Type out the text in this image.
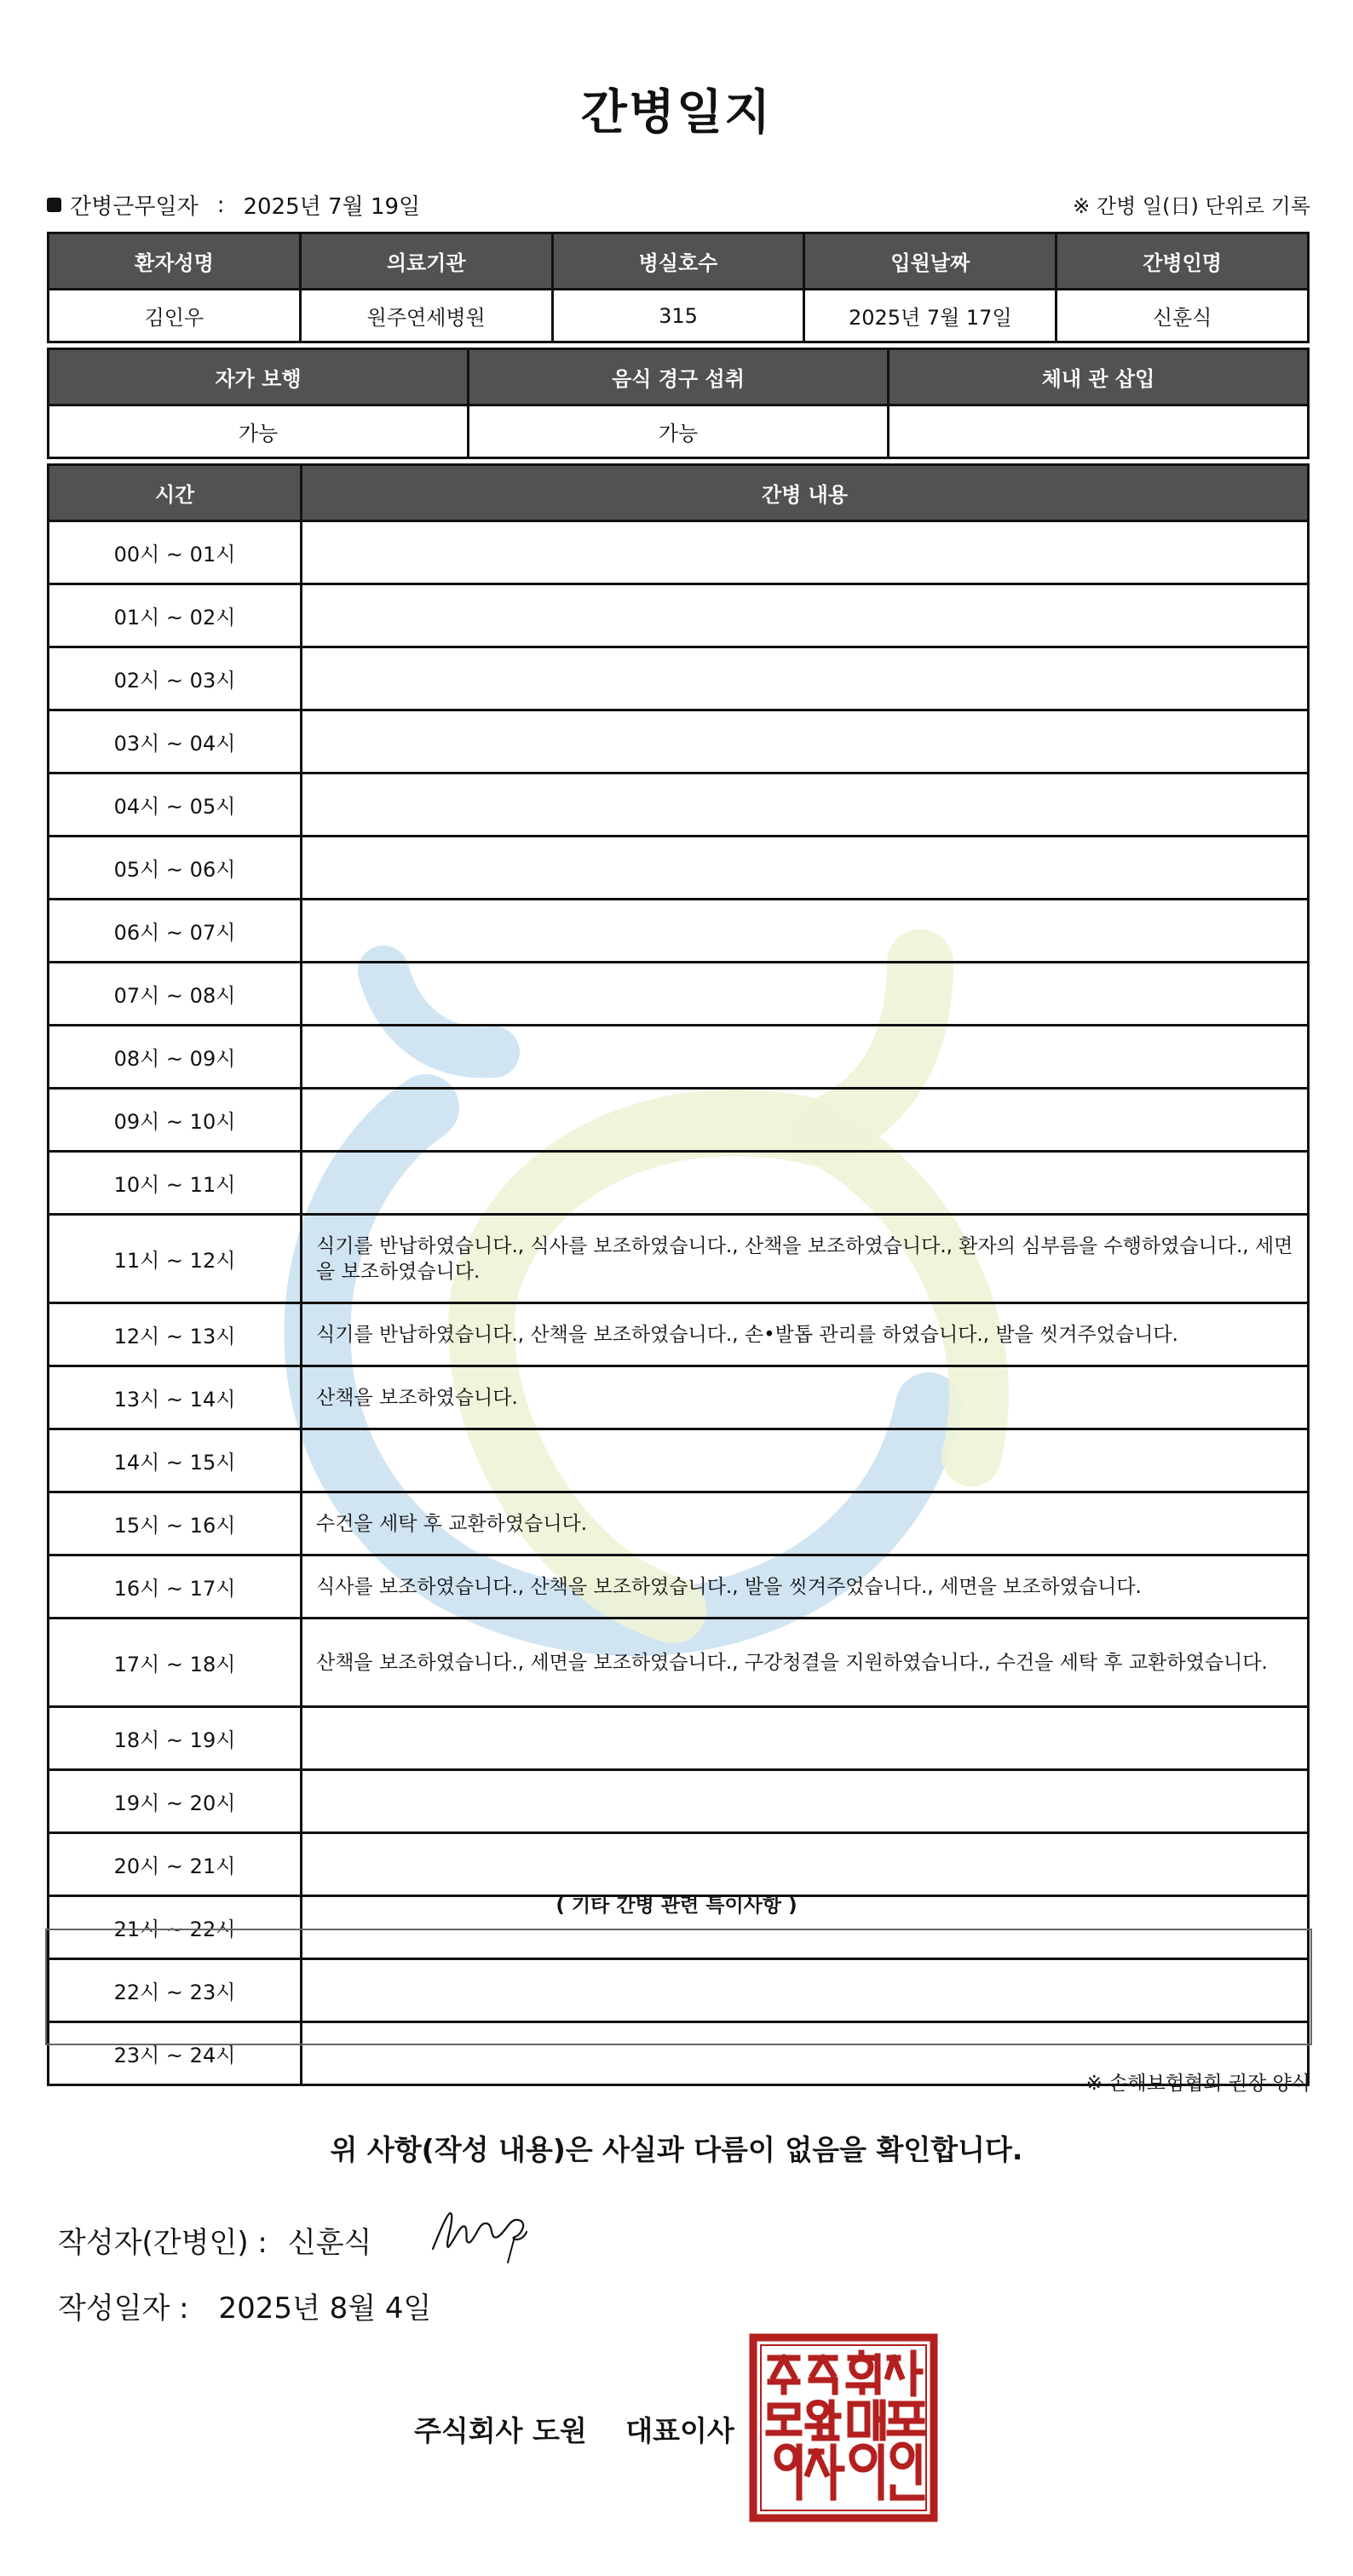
간병일지
간병근무일자 : 2025년 7월 19일	※ 간병 일(日) 단위로 기록
환자성명	의료기관	병실호수	입원날짜	간병인명
김인우	원주연세병원	315	2025년 7월 17일	신훈식
자가 보행	음식 경구 섭취	체내 관 삽입
가능	가능	
시간	간병 내용
00시 ~ 01시	
01시 ~ 02시	
02시 ~ 03시	
03시 ~ 04시	
04시 ~ 05시	
05시 ~ 06시	
06시 ~ 07시	
07시 ~ 08시	
08시 ~ 09시	
09시 ~ 10시	
10시 ~ 11시	
11시 ~ 12시	식기를 반납하였습니다., 식사를 보조하였습니다., 산책을 보조하였습니다., 환자의 심부름을 수행하였습니다., 세면을 보조하였습니다.
12시 ~ 13시	식기를 반납하였습니다., 산책을 보조하였습니다., 손•발톱 관리를 하였습니다., 발을 씻겨주었습니다.
13시 ~ 14시	산책을 보조하였습니다.
14시 ~ 15시	
15시 ~ 16시	수건을 세탁 후 교환하였습니다.
16시 ~ 17시	식사를 보조하였습니다., 산책을 보조하였습니다., 발을 씻겨주었습니다., 세면을 보조하였습니다.
17시 ~ 18시	산책을 보조하였습니다., 세면을 보조하였습니다., 구강청결을 지원하였습니다., 수건을 세탁 후 교환하였습니다.
18시 ~ 19시	
19시 ~ 20시	
20시 ~ 21시	
21시 ~ 22시	
22시 ~ 23시	
23시 ~ 24시	
( 기타 간병 관련 특이사항 )
※ 손해보험협회 권장 양식
위 사항(작성 내용)은 사실과 다름이 없음을 확인합니다.
작성자(간병인) : 신훈식
작성일자 : 2025년 8월 4일
주식회사 도원 대표이사
주식회사
